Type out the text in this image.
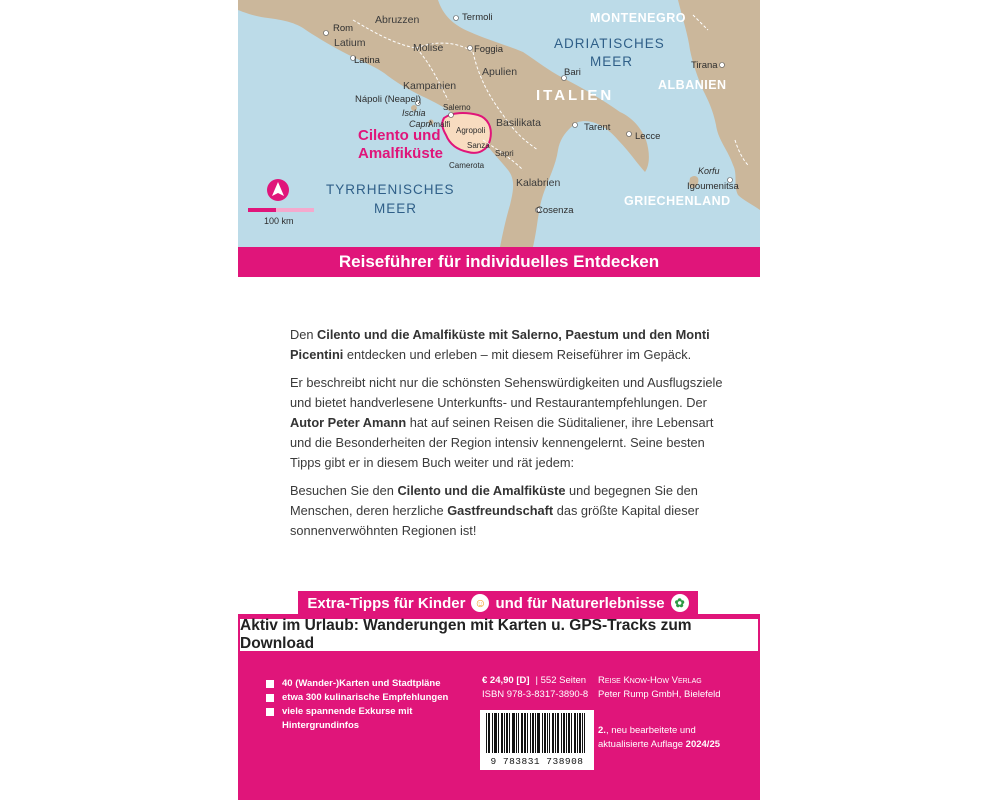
Rom
Latium
Latina
Abruzzen	Termoli
Molise	Foggia
Apulien
Kampanien
Nápoli (Neapel)
Ischia
Capri
Salerno
Amalfi
Agropoli
Sanza
Sapri
Camerota
Basilikata
Bari
Tarent
Lecce
Kalabrien
Cosenza
Tirana
Korfu
Igoumenitsa
MONTENEGRO
ALBANIEN
ITALIEN
GRIECHENLAND
ADRIATISCHES
MEER
TYRRHENISCHES
MEER
Cilento und
Amalfiküste
100 km
Reiseführer für individuelles Entdecken

Den Cilento und die Amalfiküste mit Salerno, Paestum und den Monti Picentini entdecken und erleben – mit diesem Reiseführer im Gepäck.

Er beschreibt nicht nur die schönsten Sehenswürdigkeiten und Ausflugsziele und bietet handverlesene Unterkunfts- und Restaurantempfehlungen. Der Autor Peter Amann hat auf seinen Reisen die Süditaliener, ihre Lebensart und die Besonderheiten der Region intensiv kennengelernt. Seine besten Tipps gibt er in diesem Buch weiter und rät jedem:

Besuchen Sie den Cilento und die Amalfiküste und begegnen Sie den Menschen, deren herzliche Gastfreundschaft das größte Kapital dieser sonnenverwöhnten Regionen ist!

Extra-Tipps für Kinder ☺ und für Naturerlebnisse ✿
Aktiv im Urlaub: Wanderungen mit Karten u. GPS-Tracks zum Download
40 (Wander-)Karten und Stadtpläne
etwa 300 kulinarische Empfehlungen
viele spannende Exkurse mit Hintergrundinfos
€ 24,90 [D] | 552 Seiten
ISBN 978-3-8317-3890-8
9 783831 738908
Reise Know-How Verlag
Peter Rump GmbH, Bielefeld
2., neu bearbeitete und aktualisierte Auflage 2024/25
